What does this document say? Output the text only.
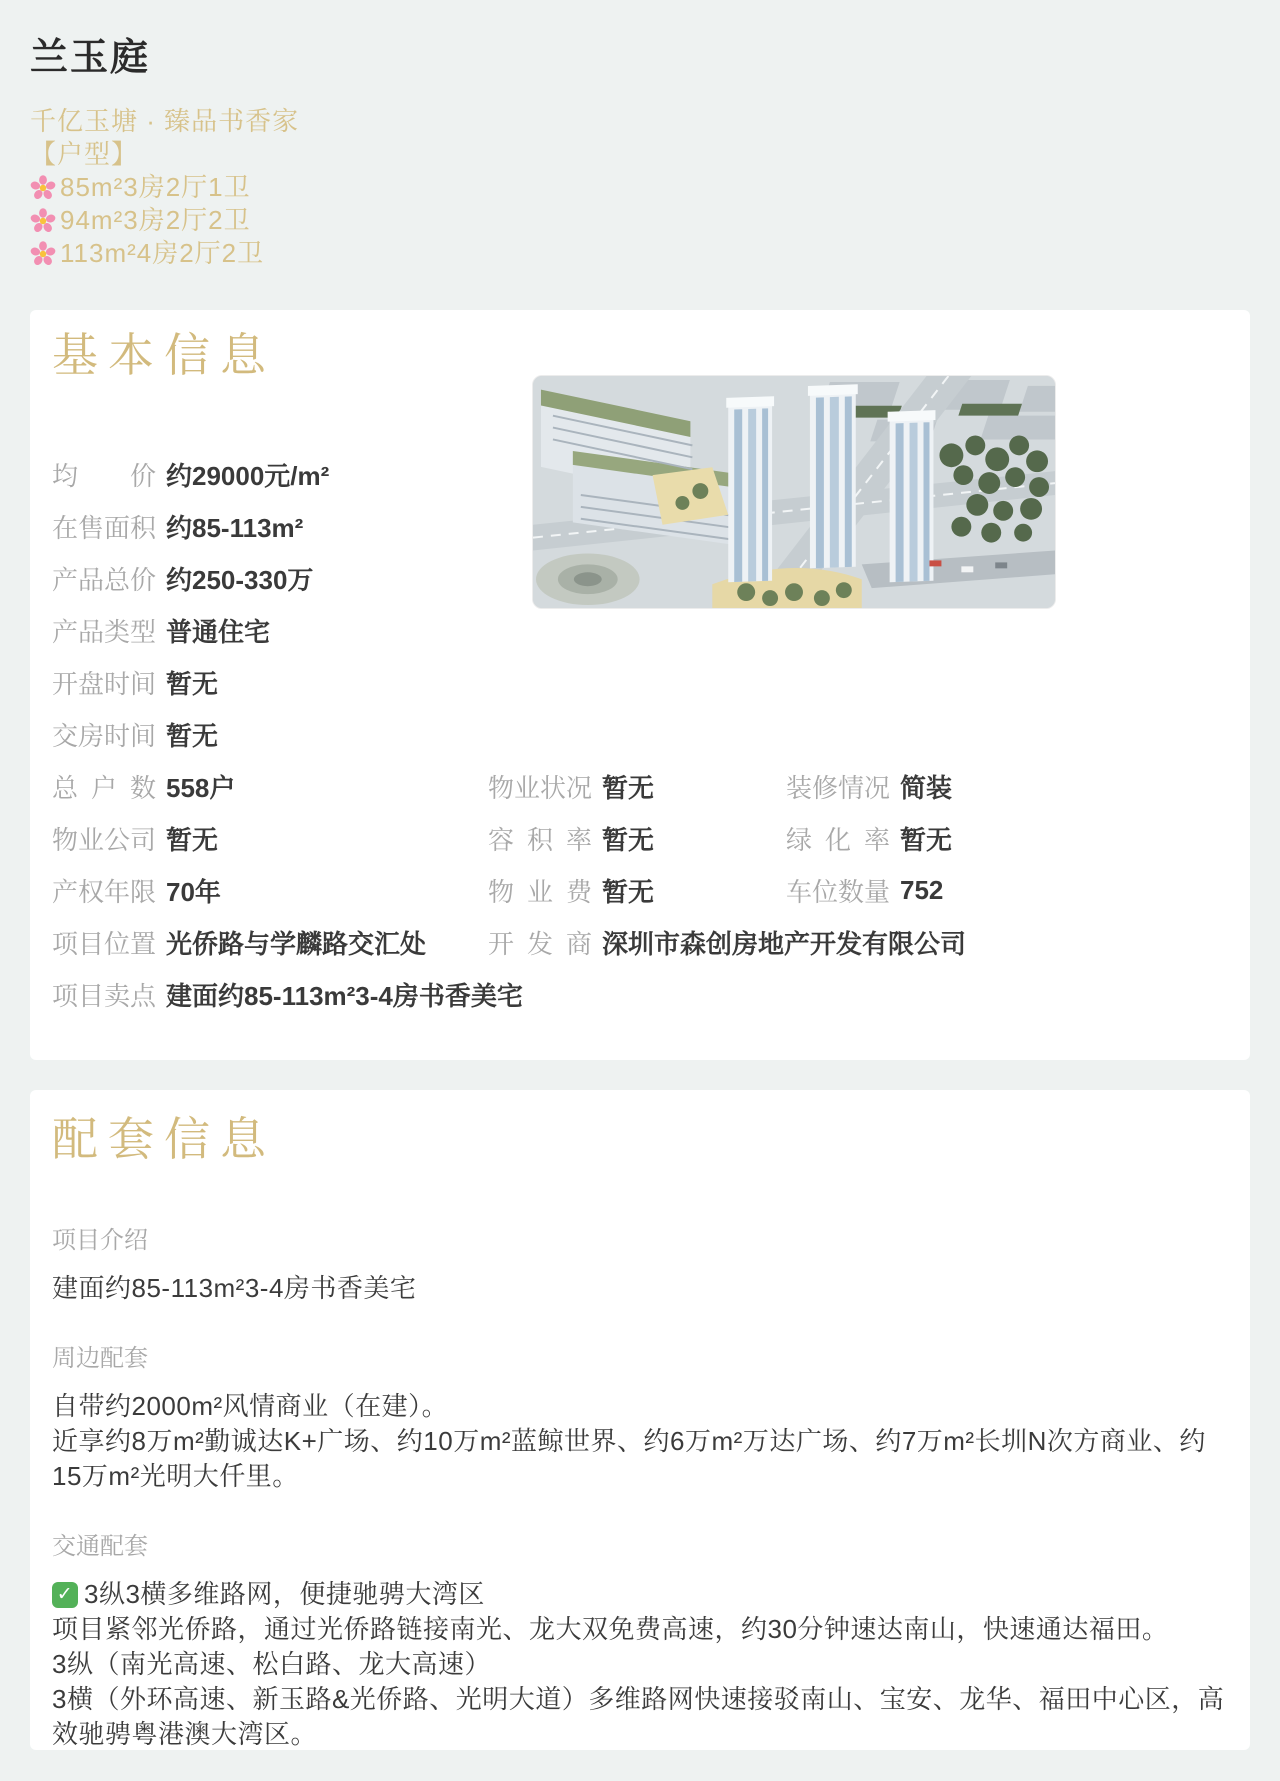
兰玉庭
千亿玉塘 · 臻品书香家
【户型】
85m²3房2厅1卫
94m²3房2厅2卫
113m²4房2厅2卫
基本信息
均价 约29000元/m²
在售面积 约85-113m²
产品总价 约250-330万
产品类型 普通住宅
开盘时间 暂无
交房时间 暂无
总户数 558户	物业状况 暂无	装修情况 简装
物业公司 暂无	容积率 暂无	绿化率 暂无
产权年限 70年	物业费 暂无	车位数量 752
项目位置 光侨路与学麟路交汇处 开发商 深圳市森创房地产开发有限公司
项目卖点 建面约85-113m²3-4房书香美宅
配套信息
项目介绍
建面约85-113m²3-4房书香美宅
周边配套
自带约2000m²风情商业（在建）。
近享约8万m²勤诚达K+广场、约10万m²蓝鲸世界、约6万m²万达广场、约7万m²长圳N次方商业、约15万m²光明大仟里。
交通配套
✓ 3纵3横多维路网，便捷驰骋大湾区
项目紧邻光侨路，通过光侨路链接南光、龙大双免费高速，约30分钟速达南山，快速通达福田。
3纵（南光高速、松白路、龙大高速）
3横（外环高速、新玉路&光侨路、光明大道）多维路网快速接驳南山、宝安、龙华、福田中心区，高效驰骋粤港澳大湾区。
